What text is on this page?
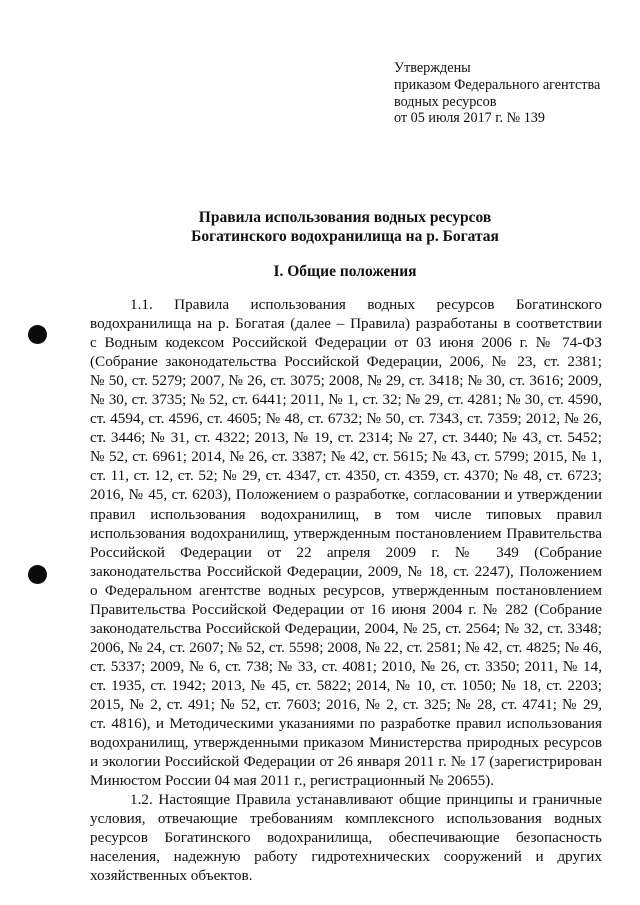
Утверждены
приказом Федерального агентства
водных ресурсов
от 05 июля 2017 г. № 139
Правила использования водных ресурсов
Богатинского водохранилища на р. Богатая
I. Общие положения
1.1. Правила использования водных ресурсов Богатинского
водохранилища на р. Богатая (далее – Правила) разработаны в соответствии
с Водным кодексом Российской Федерации от 03 июня 2006 г. № 74-ФЗ
(Собрание законодательства Российской Федерации, 2006, № 23, ст. 2381;
№ 50, ст. 5279; 2007, № 26, ст. 3075; 2008, № 29, ст. 3418; № 30, ст. 3616; 2009,
№ 30, ст. 3735; № 52, ст. 6441; 2011, № 1, ст. 32; № 29, ст. 4281; № 30, ст. 4590,
ст. 4594, ст. 4596, ст. 4605; № 48, ст. 6732; № 50, ст. 7343, ст. 7359; 2012, № 26,
ст. 3446; № 31, ст. 4322; 2013, № 19, ст. 2314; № 27, ст. 3440; № 43, ст. 5452;
№ 52, ст. 6961; 2014, № 26, ст. 3387; № 42, ст. 5615; № 43, ст. 5799; 2015, № 1,
ст. 11, ст. 12, ст. 52; № 29, ст. 4347, ст. 4350, ст. 4359, ст. 4370; № 48, ст. 6723;
2016, № 45, ст. 6203), Положением о разработке, согласовании и утверждении
правил использования водохранилищ, в том числе типовых правил
использования водохранилищ, утвержденным постановлением Правительства
Российской Федерации от 22 апреля 2009 г. № 349 (Собрание
законодательства Российской Федерации, 2009, № 18, ст. 2247), Положением
о Федеральном агентстве водных ресурсов, утвержденным постановлением
Правительства Российской Федерации от 16 июня 2004 г. № 282 (Собрание
законодательства Российской Федерации, 2004, № 25, ст. 2564; № 32, ст. 3348;
2006, № 24, ст. 2607; № 52, ст. 5598; 2008, № 22, ст. 2581; № 42, ст. 4825; № 46,
ст. 5337; 2009, № 6, ст. 738; № 33, ст. 4081; 2010, № 26, ст. 3350; 2011, № 14,
ст. 1935, ст. 1942; 2013, № 45, ст. 5822; 2014, № 10, ст. 1050; № 18, ст. 2203;
2015, № 2, ст. 491; № 52, ст. 7603; 2016, № 2, ст. 325; № 28, ст. 4741; № 29,
ст. 4816), и Методическими указаниями по разработке правил использования
водохранилищ, утвержденными приказом Министерства природных ресурсов
и экологии Российской Федерации от 26 января 2011 г. № 17 (зарегистрирован
Минюстом России 04 мая 2011 г., регистрационный № 20655).
1.2. Настоящие Правила устанавливают общие принципы и граничные
условия, отвечающие требованиям комплексного использования водных
ресурсов Богатинского водохранилища, обеспечивающие безопасность
населения, надежную работу гидротехнических сооружений и других
хозяйственных объектов.
